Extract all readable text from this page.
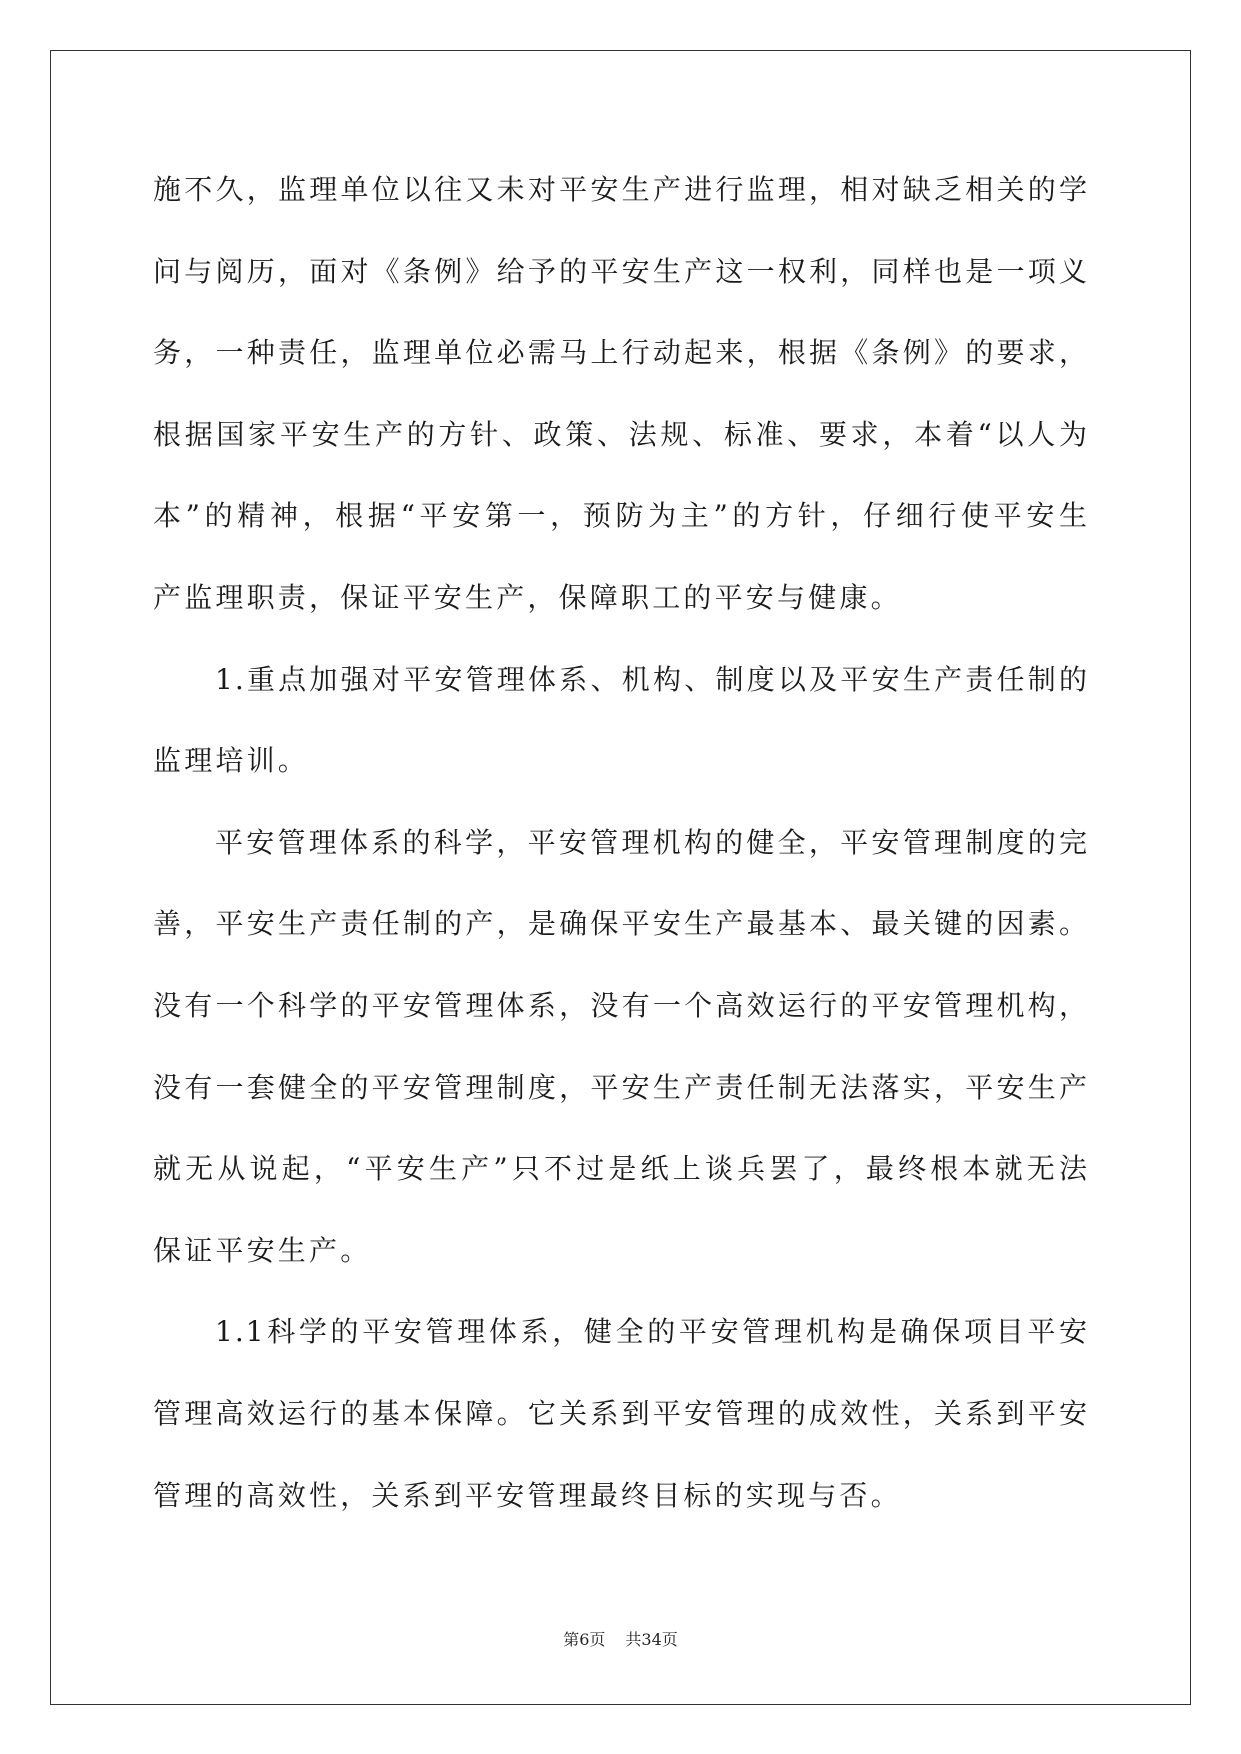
施不久，监理单位以往又未对平安生产进行监理，相对缺乏相关的学
问与阅历，面对《条例》给予的平安生产这一权利，同样也是一项义
务，一种责任，监理单位必需马上行动起来，根据《条例》的要求，
根据国家平安生产的方针、政策、法规、标准、要求，本着“以人为
本”的精神，根据“平安第一，预防为主”的方针，仔细行使平安生
产监理职责，保证平安生产，保障职工的平安与健康。
1.重点加强对平安管理体系、机构、制度以及平安生产责任制的
监理培训。
平安管理体系的科学，平安管理机构的健全，平安管理制度的完
善，平安生产责任制的产，是确保平安生产最基本、最关键的因素。
没有一个科学的平安管理体系，没有一个高效运行的平安管理机构，
没有一套健全的平安管理制度，平安生产责任制无法落实，平安生产
就无从说起，“平安生产”只不过是纸上谈兵罢了，最终根本就无法
保证平安生产。
1.1科学的平安管理体系，健全的平安管理机构是确保项目平安
管理高效运行的基本保障。它关系到平安管理的成效性，关系到平安
管理的高效性，关系到平安管理最终目标的实现与否。
第6页 共34页
